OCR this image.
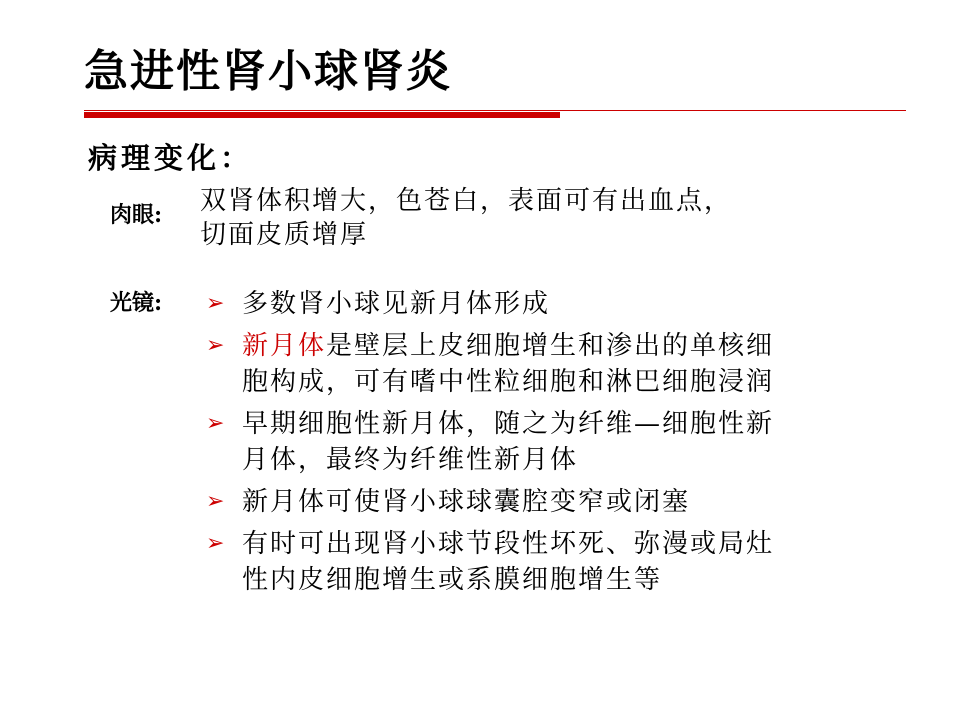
急进性肾小球肾炎
病理变化：
肉眼: 双肾体积增大，色苍白，表面可有出血点，
切面皮质增厚
光镜: ➢ 多数肾小球见新月体形成
➢ 新月体是壁层上皮细胞增生和渗出的单核细
胞构成，可有嗜中性粒细胞和淋巴细胞浸润
➢ 早期细胞性新月体，随之为纤维—细胞性新
月体，最终为纤维性新月体
➢ 新月体可使肾小球球囊腔变窄或闭塞
➢ 有时可出现肾小球节段性坏死、弥漫或局灶
性内皮细胞增生或系膜细胞增生等
